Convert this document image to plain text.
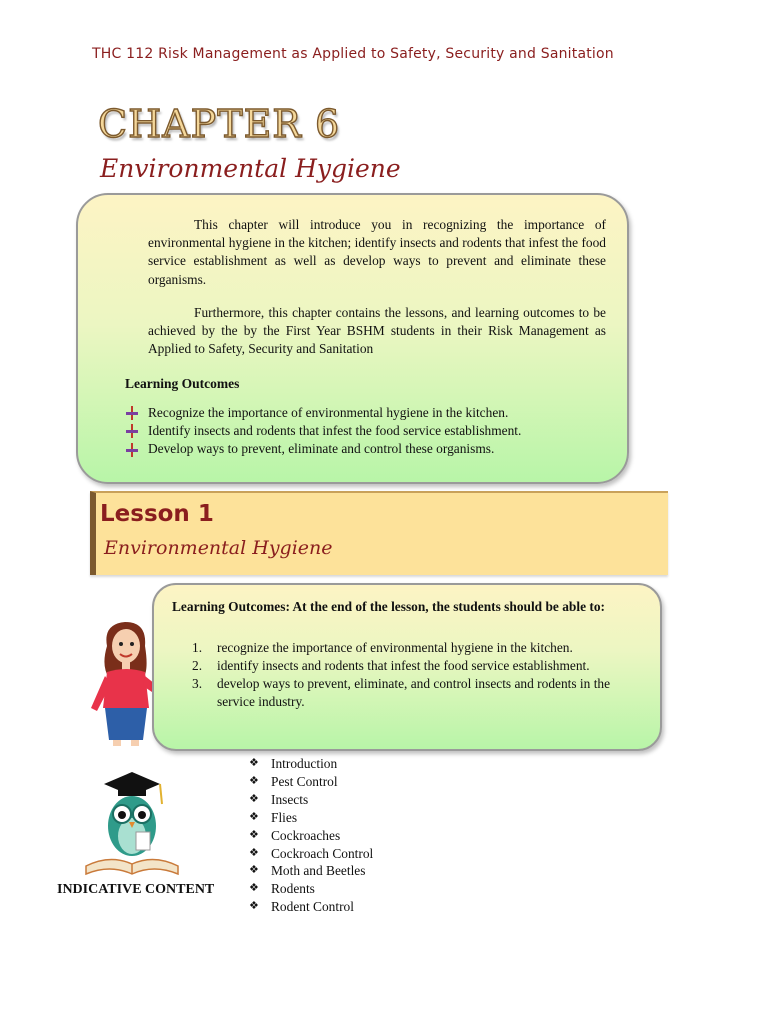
THC 112 Risk Management as Applied to Safety, Security and Sanitation
CHAPTER 6
Environmental Hygiene

This chapter will introduce you in recognizing the importance of environmental hygiene in the kitchen; identify insects and rodents that infest the food service establishment as well as develop ways to prevent and eliminate these organisms.

Furthermore, this chapter contains the lessons, and learning outcomes to be achieved by the by the First Year BSHM students in their Risk Management as Applied to Safety, Security and Sanitation

Learning Outcomes
Recognize the importance of environmental hygiene in the kitchen.
Identify insects and rodents that infest the food service establishment.
Develop ways to prevent, eliminate and control these organisms.
Lesson 1
Environmental Hygiene
Learning Outcomes: At the end of the lesson, the students should be able to:
1.	recognize the importance of environmental hygiene in the kitchen.
2.	identify insects and rodents that infest the food service establishment.
3.	develop ways to prevent, eliminate, and control insects and rodents in the service industry.
INDICATIVE CONTENT
❖ Introduction
❖ Pest Control
❖ Insects
❖ Flies
❖ Cockroaches
❖ Cockroach Control
❖ Moth and Beetles
❖ Rodents
❖ Rodent Control
